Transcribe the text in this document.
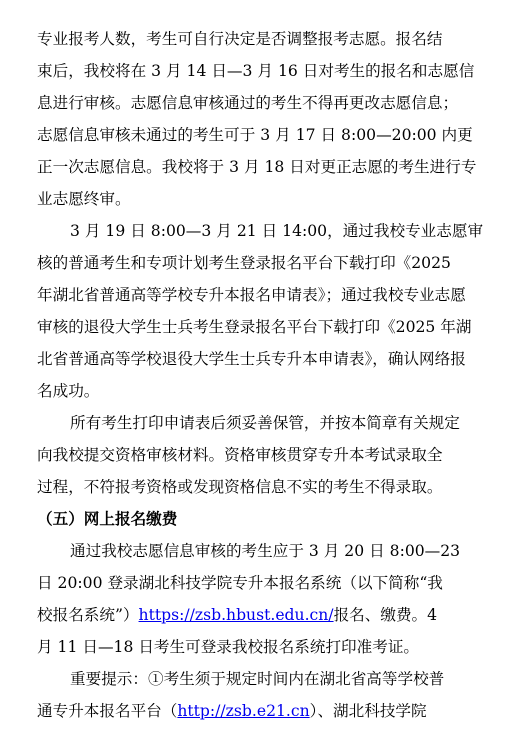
专业报考人数，考生可自行决定是否调整报考志愿。报名结
束后，我校将在 3 月 14 日—3 月 16 日对考生的报名和志愿信
息进行审核。志愿信息审核通过的考生不得再更改志愿信息；
志愿信息审核未通过的考生可于 3 月 17 日 8:00—20:00 内更
正一次志愿信息。我校将于 3 月 18 日对更正志愿的考生进行专
业志愿终审。
3 月 19 日 8:00—3 月 21 日 14:00，通过我校专业志愿审
核的普通考生和专项计划考生登录报名平台下载打印《2025
年湖北省普通高等学校专升本报名申请表》；通过我校专业志愿
审核的退役大学生士兵考生登录报名平台下载打印《2025 年湖
北省普通高等学校退役大学生士兵专升本申请表》，确认网络报
名成功。
所有考生打印申请表后须妥善保管，并按本简章有关规定
向我校提交资格审核材料。资格审核贯穿专升本考试录取全
过程，不符报考资格或发现资格信息不实的考生不得录取。
（五）网上报名缴费
通过我校志愿信息审核的考生应于 3 月 20 日 8:00—23
日 20:00 登录湖北科技学院专升本报名系统（以下简称“我
校报名系统”）https://zsb.hbust.edu.cn/报名、缴费。4
月 11 日—18 日考生可登录我校报名系统打印准考证。
重要提示：①考生须于规定时间内在湖北省高等学校普
通专升本报名平台（http://zsb.e21.cn）、湖北科技学院
